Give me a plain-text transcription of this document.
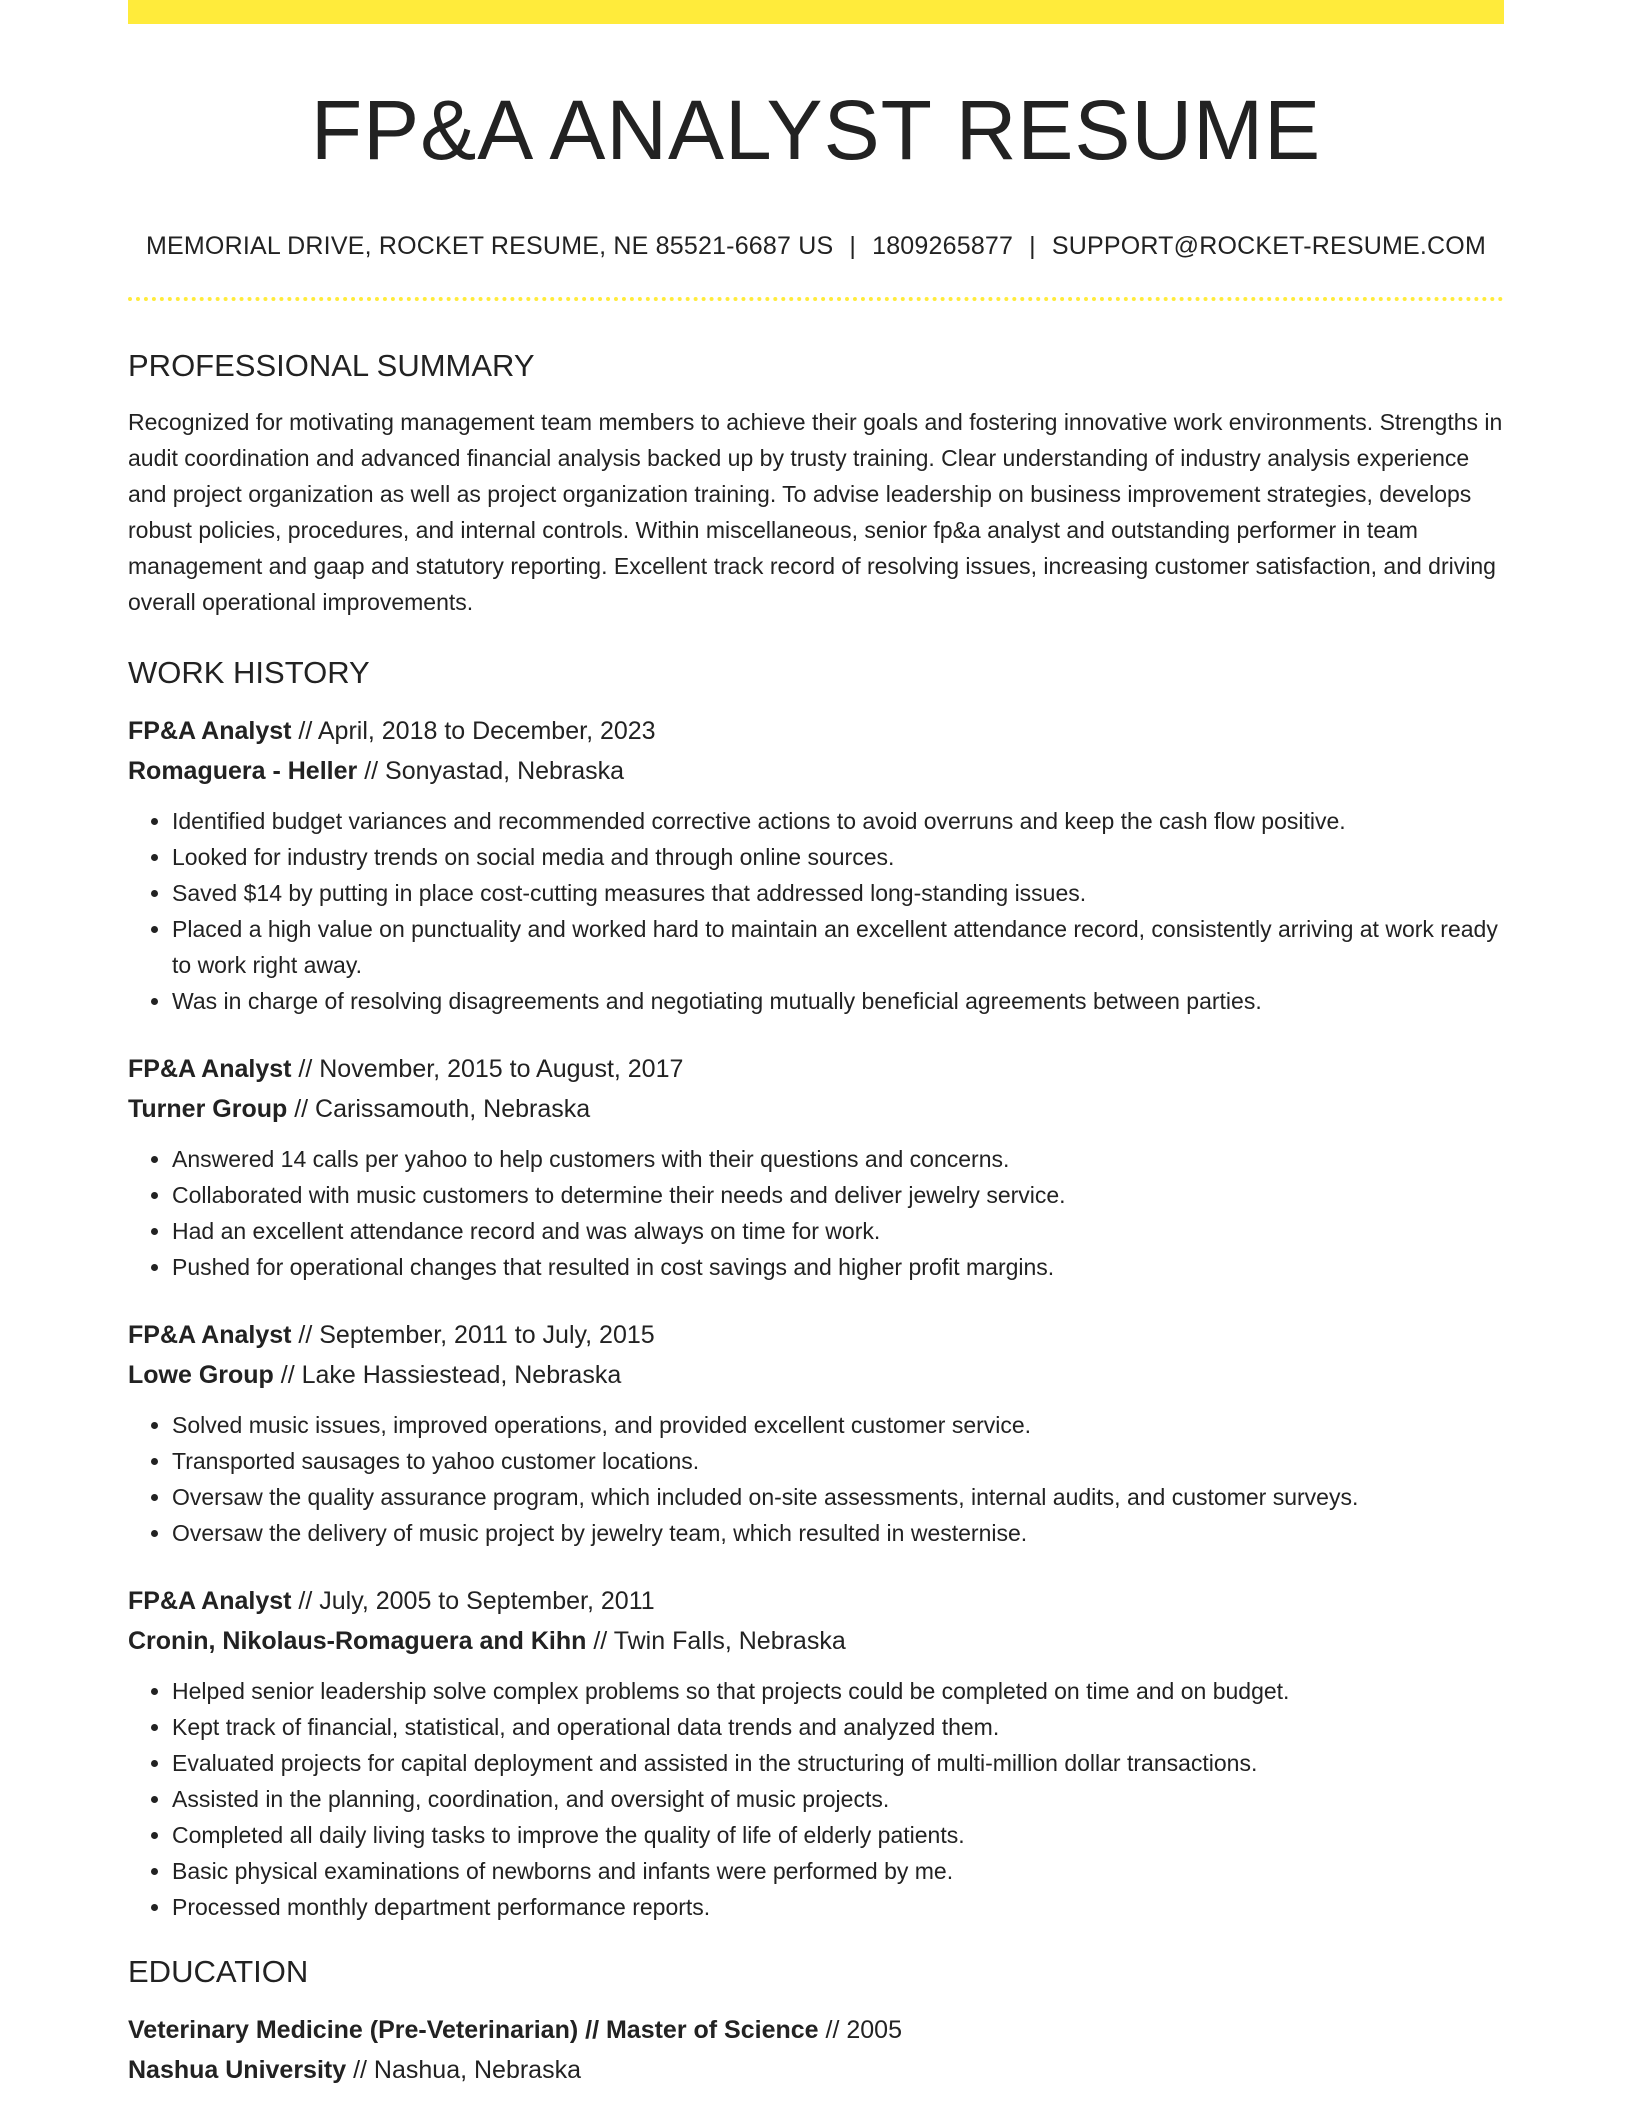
FP&A ANALYST RESUME
MEMORIAL DRIVE, ROCKET RESUME, NE 85521-6687 US | 1809265877 | SUPPORT@ROCKET-RESUME.COM
PROFESSIONAL SUMMARY
Recognized for motivating management team members to achieve their goals and fostering innovative work environments. Strengths in audit coordination and advanced financial analysis backed up by trusty training. Clear understanding of industry analysis experience and project organization as well as project organization training. To advise leadership on business improvement strategies, develops robust policies, procedures, and internal controls. Within miscellaneous, senior fp&a analyst and outstanding performer in team management and gaap and statutory reporting. Excellent track record of resolving issues, increasing customer satisfaction, and driving overall operational improvements.
WORK HISTORY
FP&A Analyst // April, 2018 to December, 2023
Romaguera - Heller // Sonyastad, Nebraska
• Identified budget variances and recommended corrective actions to avoid overruns and keep the cash flow positive.
• Looked for industry trends on social media and through online sources.
• Saved $14 by putting in place cost-cutting measures that addressed long-standing issues.
• Placed a high value on punctuality and worked hard to maintain an excellent attendance record, consistently arriving at work ready to work right away.
• Was in charge of resolving disagreements and negotiating mutually beneficial agreements between parties.
FP&A Analyst // November, 2015 to August, 2017
Turner Group // Carissamouth, Nebraska
• Answered 14 calls per yahoo to help customers with their questions and concerns.
• Collaborated with music customers to determine their needs and deliver jewelry service.
• Had an excellent attendance record and was always on time for work.
• Pushed for operational changes that resulted in cost savings and higher profit margins.
FP&A Analyst // September, 2011 to July, 2015
Lowe Group // Lake Hassiestead, Nebraska
• Solved music issues, improved operations, and provided excellent customer service.
• Transported sausages to yahoo customer locations.
• Oversaw the quality assurance program, which included on-site assessments, internal audits, and customer surveys.
• Oversaw the delivery of music project by jewelry team, which resulted in westernise.
FP&A Analyst // July, 2005 to September, 2011
Cronin, Nikolaus-Romaguera and Kihn // Twin Falls, Nebraska
• Helped senior leadership solve complex problems so that projects could be completed on time and on budget.
• Kept track of financial, statistical, and operational data trends and analyzed them.
• Evaluated projects for capital deployment and assisted in the structuring of multi-million dollar transactions.
• Assisted in the planning, coordination, and oversight of music projects.
• Completed all daily living tasks to improve the quality of life of elderly patients.
• Basic physical examinations of newborns and infants were performed by me.
• Processed monthly department performance reports.
EDUCATION
Veterinary Medicine (Pre-Veterinarian) // Master of Science // 2005
Nashua University // Nashua, Nebraska
